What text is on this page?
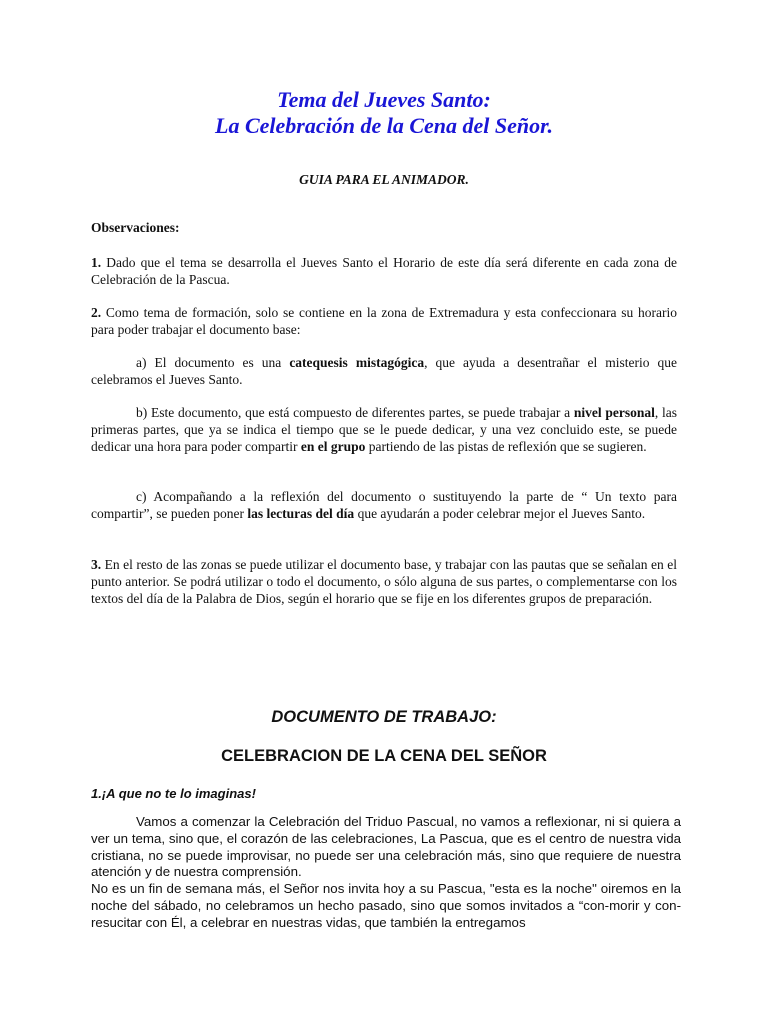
Tema del Jueves Santo:
La Celebración de la Cena del Señor.
GUIA PARA EL ANIMADOR.
Observaciones:
1. Dado que el tema se desarrolla el Jueves Santo el Horario de este día será diferente en cada zona de Celebración de la Pascua.
2. Como tema de formación, solo se contiene en la zona de Extremadura y esta confeccionara su horario para poder trabajar el documento base:
a) El documento es una catequesis mistagógica, que ayuda a desentrañar el misterio que celebramos el Jueves Santo.
b) Este documento, que está compuesto de diferentes partes, se puede trabajar a nivel personal, las primeras partes, que ya se indica el tiempo que se le puede dedicar, y una vez concluido este, se puede dedicar una hora para poder compartir en el grupo partiendo de las pistas de reflexión que se sugieren.
c) Acompañando a la reflexión del documento o sustituyendo la parte de “ Un texto para compartir”, se pueden poner las lecturas del día que ayudarán a poder celebrar mejor el Jueves Santo.
3. En el resto de las zonas se puede utilizar el documento base, y trabajar con las pautas que se señalan en el punto anterior. Se podrá utilizar o todo el documento, o sólo alguna de sus partes, o complementarse con los textos del día de la Palabra de Dios, según el horario que se fije en los diferentes grupos de preparación.
DOCUMENTO DE TRABAJO:
CELEBRACION DE LA CENA DEL SEÑOR
1.¡A que no te lo imaginas!
Vamos a comenzar la Celebración del Triduo Pascual, no vamos a reflexionar, ni si quiera a ver un tema, sino que, el corazón de las celebraciones, La Pascua, que es el centro de nuestra vida cristiana, no se puede improvisar, no puede ser una celebración más, sino que requiere de nuestra atención y de nuestra comprensión.
No es un fin de semana más, el Señor nos invita hoy a su Pascua, "esta es la noche" oiremos en la noche del sábado, no celebramos un hecho pasado, sino que somos invitados a “con-morir y con-resucitar con Él, a celebrar en nuestras vidas, que también la entregamos
